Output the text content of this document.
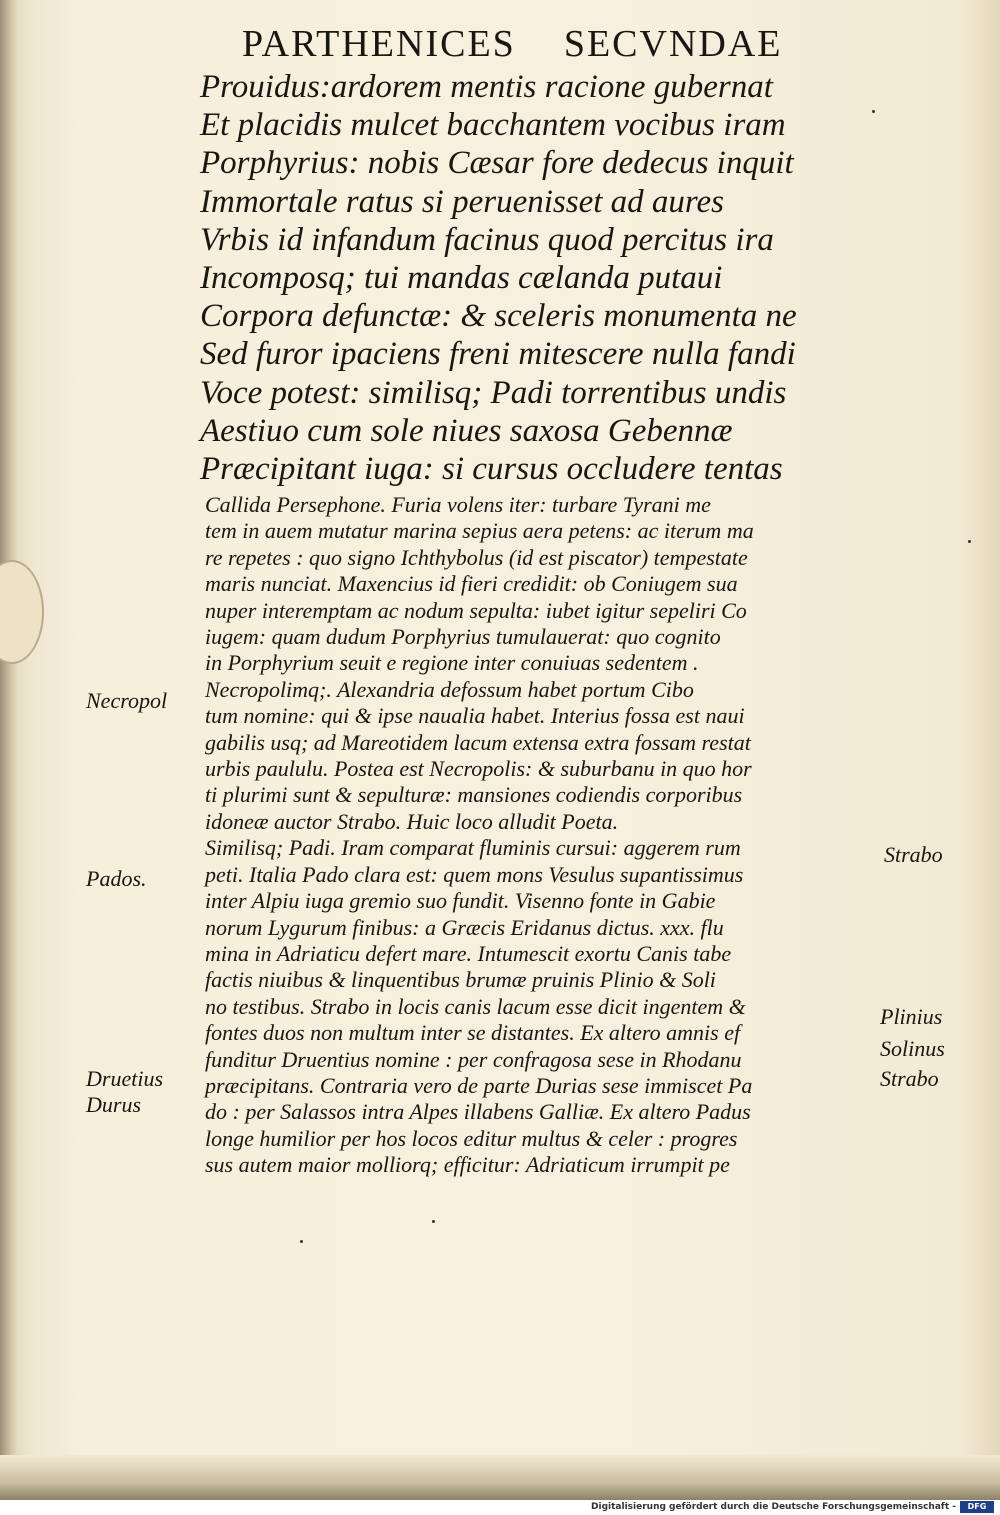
PARTHENICES SECVNDAE
Prouidus:ardorem mentis racione gubernat
Et placidis mulcet bacchantem vocibus iram
Porphyrius: nobis Cæsar fore dedecus inquit
Immortale ratus si peruenisset ad aures
Vrbis id infandum facinus quod percitus ira
Incomposq; tui mandas cælanda putaui
Corpora defunctæ: & sceleris monumenta ne
Sed furor ipaciens freni mitescere nulla fandi
Voce potest: similisq; Padi torrentibus undis
Aestiuo cum sole niues saxosa Gebennæ
Præcipitant iuga: si cursus occludere tentas
Callida Persephone. Furia volens iter: turbare Tyrani me
tem in auem mutatur marina sepius aera petens: ac iterum ma
re repetes : quo signo Ichthybolus (id est piscator) tempestate
maris nunciat. Maxencius id fieri credidit: ob Coniugem sua
nuper interemptam ac nodum sepulta: iubet igitur sepeliri Co
iugem: quam dudum Porphyrius tumulauerat: quo cognito
in Porphyrium seuit e regione inter conuiuas sedentem .
Necropolimq;. Alexandria defossum habet portum Cibo
tum nomine: qui & ipse naualia habet. Interius fossa est naui
gabilis usq; ad Mareotidem lacum extensa extra fossam restat
urbis paululu. Postea est Necropolis: & suburbanu in quo hor
ti plurimi sunt & sepulturæ: mansiones codiendis corporibus
idoneæ auctor Strabo. Huic loco alludit Poeta.
Similisq; Padi. Iram comparat fluminis cursui: aggerem rum
peti. Italia Pado clara est: quem mons Vesulus supantissimus
inter Alpiu iuga gremio suo fundit. Visenno fonte in Gabie
norum Lygurum finibus: a Græcis Eridanus dictus. xxx. flu
mina in Adriaticu defert mare. Intumescit exortu Canis tabe
factis niuibus & linquentibus brumæ pruinis Plinio & Soli
no testibus. Strabo in locis canis lacum esse dicit ingentem &
fontes duos non multum inter se distantes. Ex altero amnis ef
funditur Druentius nomine : per confragosa sese in Rhodanu
præcipitans. Contraria vero de parte Durias sese immiscet Pa
do : per Salassos intra Alpes illabens Galliæ. Ex altero Padus
longe humilior per hos locos editur multus & celer : progres
sus autem maior molliorq; efficitur: Adriaticum irrumpit pe
Necropol
Pados.
Druetius
Durus
Strabo
Plinius
Solinus
Strabo
Digitalisierung gefördert durch die Deutsche Forschungsgemeinschaft -	DFG
